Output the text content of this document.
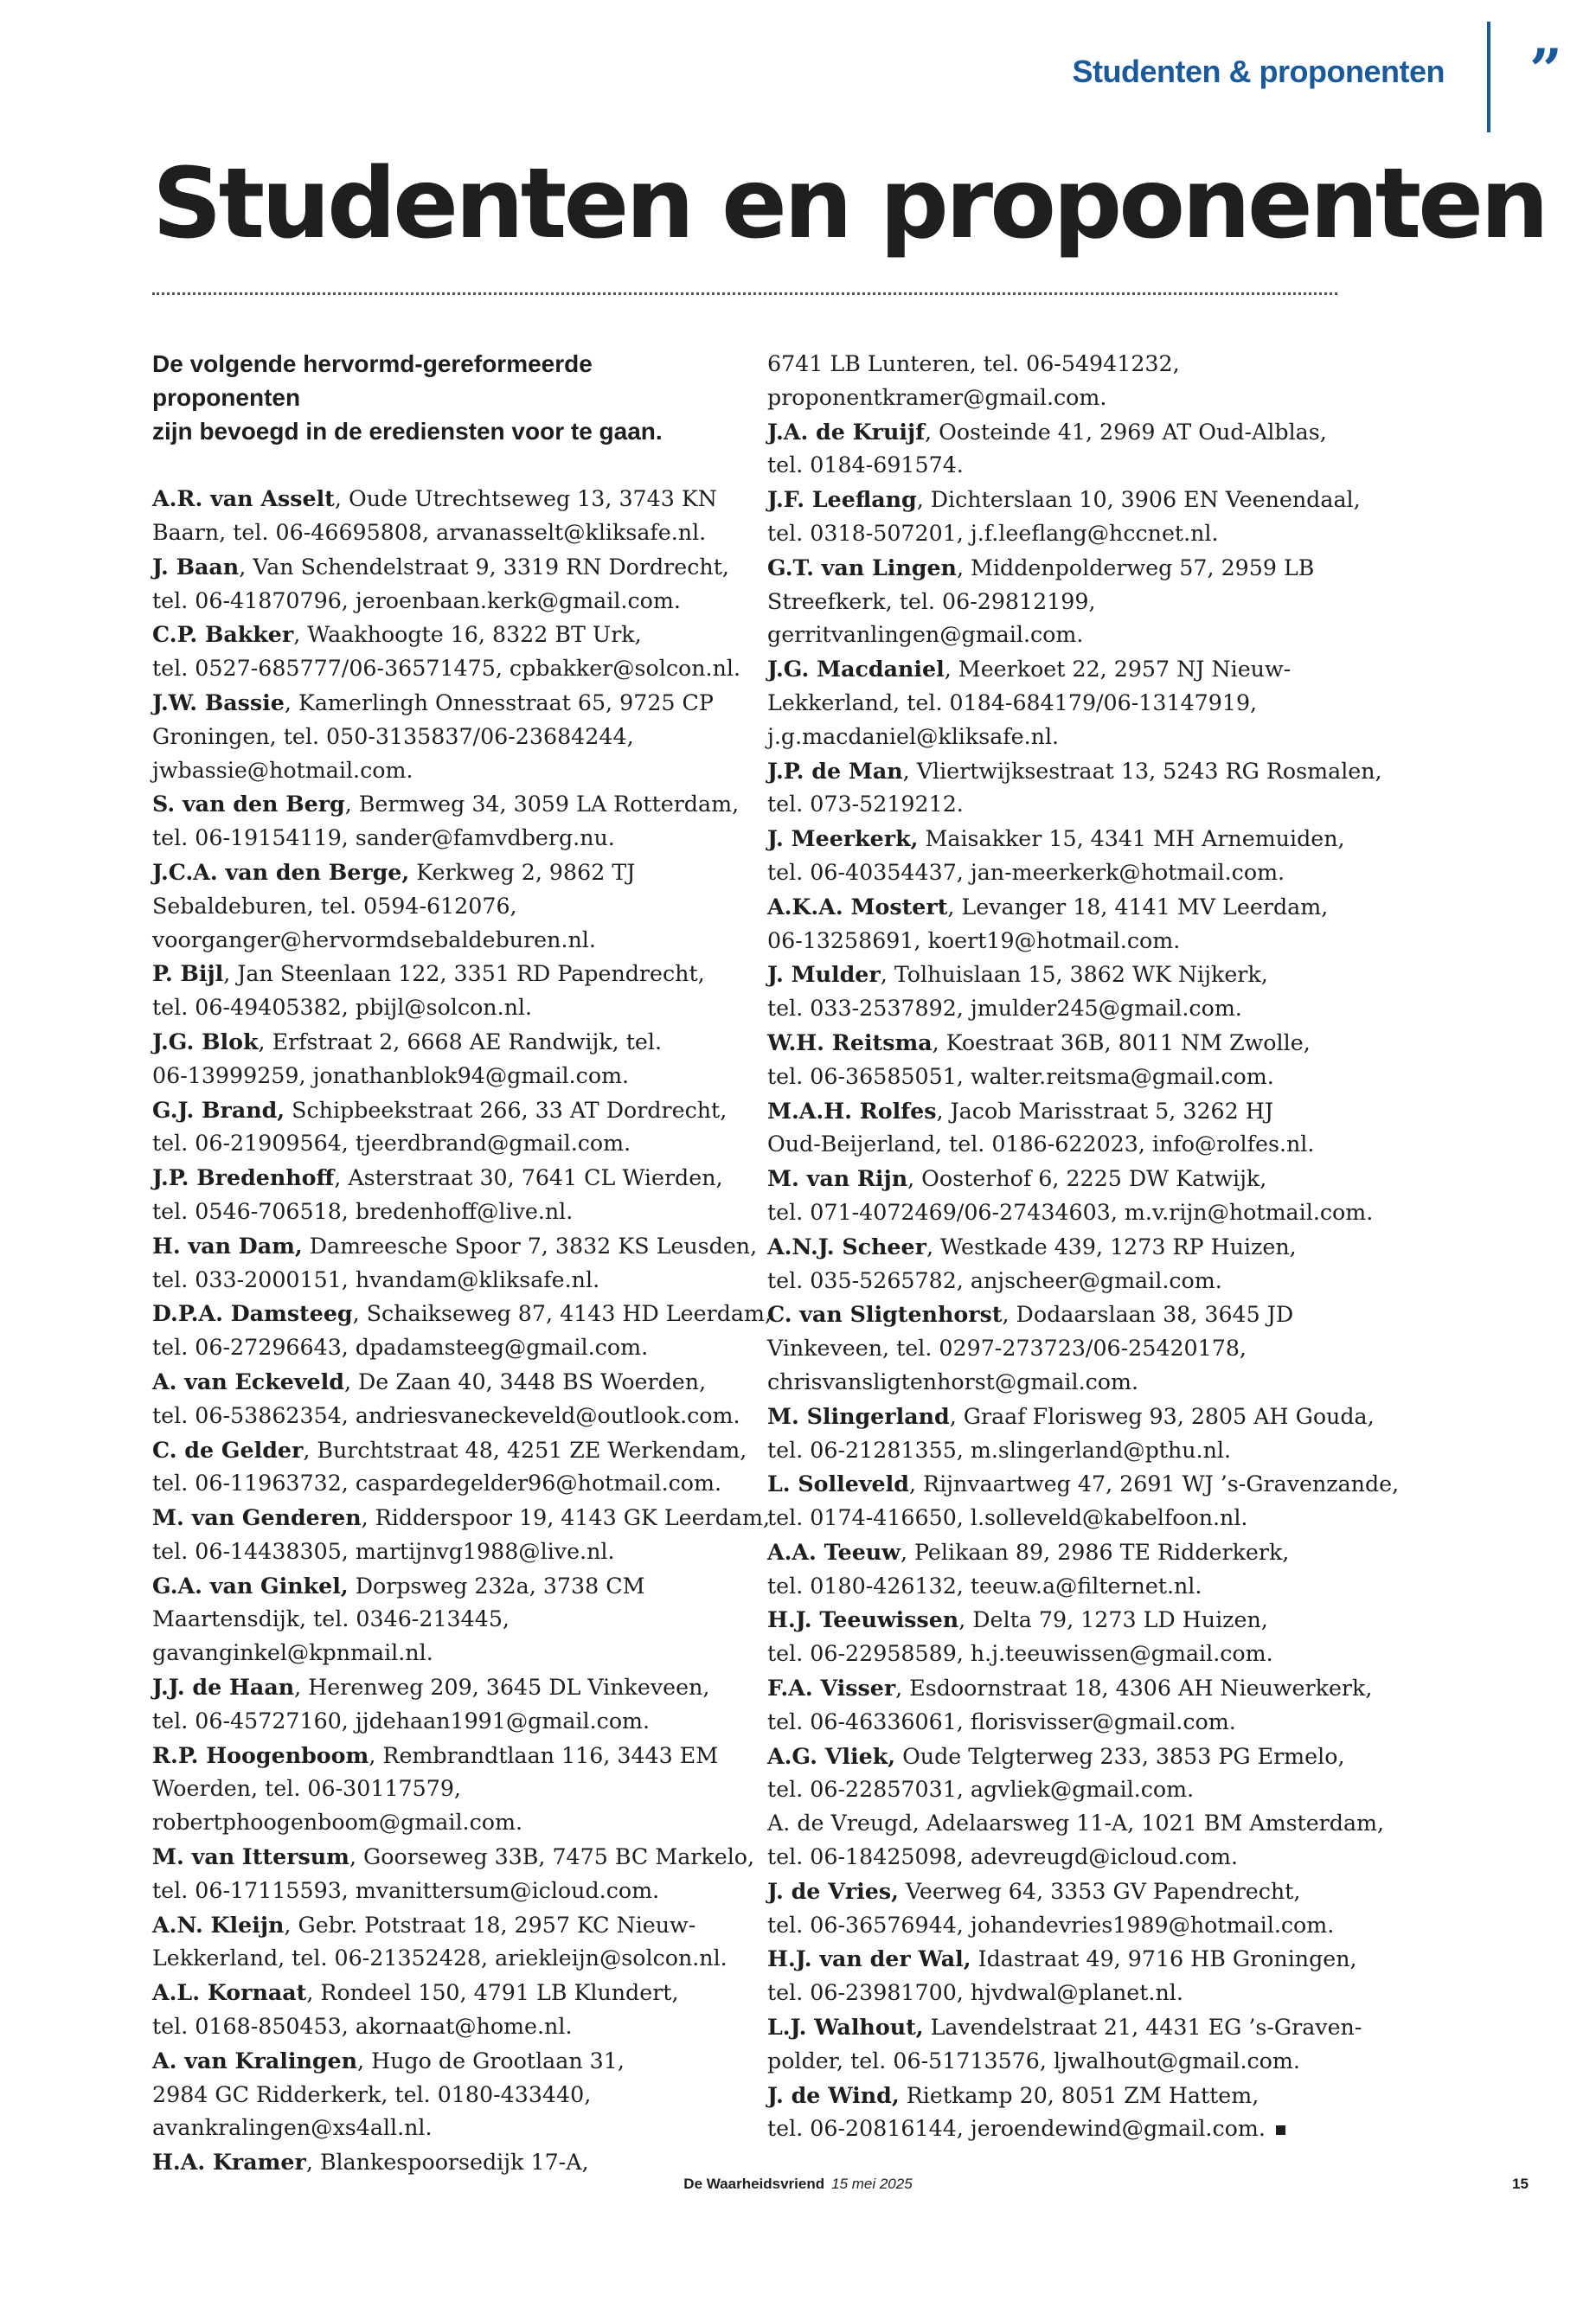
Studenten & proponenten ”
Studenten en proponenten

De volgende hervormd-gereformeerde proponenten
zijn bevoegd in de erediensten voor te gaan.

A.R. van Asselt, Oude Utrechtseweg 13, 3743 KN
Baarn, tel. 06-46695808, arvanasselt@kliksafe.nl.

J. Baan, Van Schendelstraat 9, 3319 RN Dordrecht,
tel. 06-41870796, jeroenbaan.kerk@gmail.com.

C.P. Bakker, Waakhoogte 16, 8322 BT Urk,
tel. 0527-685777/06-36571475, cpbakker@solcon.nl.

J.W. Bassie, Kamerlingh Onnesstraat 65, 9725 CP
Groningen, tel. 050-3135837/06-23684244,
jwbassie@hotmail.com.

S. van den Berg, Bermweg 34, 3059 LA Rotterdam,
tel. 06-19154119, sander@famvdberg.nu.

J.C.A. van den Berge, Kerkweg 2, 9862 TJ
Sebaldeburen, tel. 0594-612076,
voorganger@hervormdsebaldeburen.nl.

P. Bijl, Jan Steenlaan 122, 3351 RD Papendrecht,
tel. 06-49405382, pbijl@solcon.nl.

J.G. Blok, Erfstraat 2, 6668 AE Randwijk, tel.
06-13999259, jonathanblok94@gmail.com.

G.J. Brand, Schipbeekstraat 266, 33 AT Dordrecht,
tel. 06-21909564, tjeerdbrand@gmail.com.

J.P. Bredenhoff, Asterstraat 30, 7641 CL Wierden,
tel. 0546-706518, bredenhoff@live.nl.

H. van Dam, Damreesche Spoor 7, 3832 KS Leusden,
tel. 033-2000151, hvandam@kliksafe.nl.

D.P.A. Damsteeg, Schaikseweg 87, 4143 HD Leerdam,
tel. 06-27296643, dpadamsteeg@gmail.com.

A. van Eckeveld, De Zaan 40, 3448 BS Woerden,
tel. 06-53862354, andriesvaneckeveld@outlook.com.

C. de Gelder, Burchtstraat 48, 4251 ZE Werkendam,
tel. 06-11963732, caspardegelder96@hotmail.com.

M. van Genderen, Ridderspoor 19, 4143 GK Leerdam,
tel. 06-14438305, martijnvg1988@live.nl.

G.A. van Ginkel, Dorpsweg 232a, 3738 CM
Maartensdijk, tel. 0346-213445,
gavanginkel@kpnmail.nl.

J.J. de Haan, Herenweg 209, 3645 DL Vinkeveen,
tel. 06-45727160, jjdehaan1991@gmail.com.

R.P. Hoogenboom, Rembrandtlaan 116, 3443 EM
Woerden, tel. 06-30117579,
robertphoogenboom@gmail.com.

M. van Ittersum, Goorseweg 33B, 7475 BC Markelo,
tel. 06-17115593, mvanittersum@icloud.com.

A.N. Kleijn, Gebr. Potstraat 18, 2957 KC Nieuw-
Lekkerland, tel. 06-21352428, ariekleijn@solcon.nl.

A.L. Kornaat, Rondeel 150, 4791 LB Klundert,
tel. 0168-850453, akornaat@home.nl.

A. van Kralingen, Hugo de Grootlaan 31,
2984 GC Ridderkerk, tel. 0180-433440,
avankralingen@xs4all.nl.

H.A. Kramer, Blankespoorsedijk 17-A,

6741 LB Lunteren, tel. 06-54941232,
proponentkramer@gmail.com.

J.A. de Kruijf, Oosteinde 41, 2969 AT Oud-Alblas,
tel. 0184-691574.

J.F. Leeflang, Dichterslaan 10, 3906 EN Veenendaal,
tel. 0318-507201, j.f.leeflang@hccnet.nl.

G.T. van Lingen, Middenpolderweg 57, 2959 LB
Streefkerk, tel. 06-29812199,
gerritvanlingen@gmail.com.

J.G. Macdaniel, Meerkoet 22, 2957 NJ Nieuw-
Lekkerland, tel. 0184-684179/06-13147919,
j.g.macdaniel@kliksafe.nl.

J.P. de Man, Vliertwijksestraat 13, 5243 RG Rosmalen,
tel. 073-5219212.

J. Meerkerk, Maisakker 15, 4341 MH Arnemuiden,
tel. 06-40354437, jan-meerkerk@hotmail.com.

A.K.A. Mostert, Levanger 18, 4141 MV Leerdam,
06-13258691, koert19@hotmail.com.

J. Mulder, Tolhuislaan 15, 3862 WK Nijkerk,
tel. 033-2537892, jmulder245@gmail.com.

W.H. Reitsma, Koestraat 36B, 8011 NM Zwolle,
tel. 06-36585051, walter.reitsma@gmail.com.

M.A.H. Rolfes, Jacob Marisstraat 5, 3262 HJ
Oud-Beijerland, tel. 0186-622023, info@rolfes.nl.

M. van Rijn, Oosterhof 6, 2225 DW Katwijk,
tel. 071-4072469/06-27434603, m.v.rijn@hotmail.com.

A.N.J. Scheer, Westkade 439, 1273 RP Huizen,
tel. 035-5265782, anjscheer@gmail.com.

C. van Sligtenhorst, Dodaarslaan 38, 3645 JD
Vinkeveen, tel. 0297-273723/06-25420178,
chrisvansligtenhorst@gmail.com.

M. Slingerland, Graaf Florisweg 93, 2805 AH Gouda,
tel. 06-21281355, m.slingerland@pthu.nl.

L. Solleveld, Rijnvaartweg 47, 2691 WJ ’s-Gravenzande,
tel. 0174-416650, l.solleveld@kabelfoon.nl.

A.A. Teeuw, Pelikaan 89, 2986 TE Ridderkerk,
tel. 0180-426132, teeuw.a@filternet.nl.

H.J. Teeuwissen, Delta 79, 1273 LD Huizen,
tel. 06-22958589, h.j.teeuwissen@gmail.com.

F.A. Visser, Esdoornstraat 18, 4306 AH Nieuwerkerk,
tel. 06-46336061, florisvisser@gmail.com.

A.G. Vliek, Oude Telgterweg 233, 3853 PG Ermelo,
tel. 06-22857031, agvliek@gmail.com.

A. de Vreugd, Adelaarsweg 11-A, 1021 BM Amsterdam,
tel. 06-18425098, adevreugd@icloud.com.

J. de Vries, Veerweg 64, 3353 GV Papendrecht,
tel. 06-36576944, johandevries1989@hotmail.com.

H.J. van der Wal, Idastraat 49, 9716 HB Groningen,
tel. 06-23981700, hjvdwal@planet.nl.

L.J. Walhout, Lavendelstraat 21, 4431 EG ’s-Graven-
polder, tel. 06-51713576, ljwalhout@gmail.com.

J. de Wind, Rietkamp 20, 8051 ZM Hattem,
tel. 06-20816144, jeroendewind@gmail.com.

De Waarheidsvriend 15 mei 2025	15
